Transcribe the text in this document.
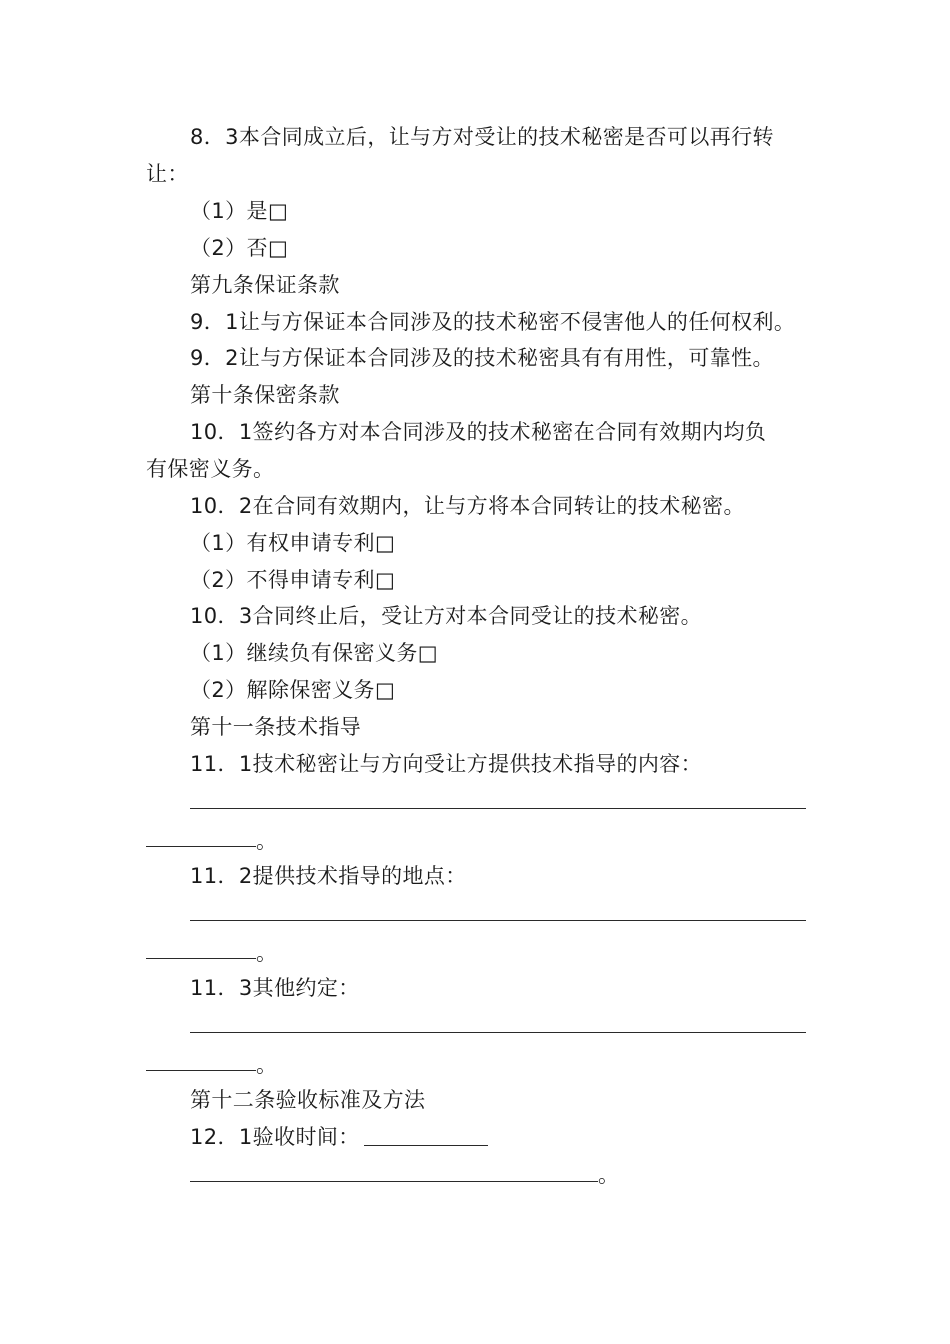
8．3本合同成立后，让与方对受让的技术秘密是否可以再行转
让：
（1）是□
（2）否□
第九条保证条款
9．1让与方保证本合同涉及的技术秘密不侵害他人的任何权利。
9．2让与方保证本合同涉及的技术秘密具有有用性，可靠性。
第十条保密条款
10．1签约各方对本合同涉及的技术秘密在合同有效期内均负
有保密义务。
10．2在合同有效期内，让与方将本合同转让的技术秘密。
（1）有权申请专利□
（2）不得申请专利□
10．3合同终止后，受让方对本合同受让的技术秘密。
（1）继续负有保密义务□
（2）解除保密义务□
第十一条技术指导
11．1技术秘密让与方向受让方提供技术指导的内容：
。
11．2提供技术指导的地点：
。
11．3其他约定：
。
第十二条验收标准及方法
12．1验收时间：
。
